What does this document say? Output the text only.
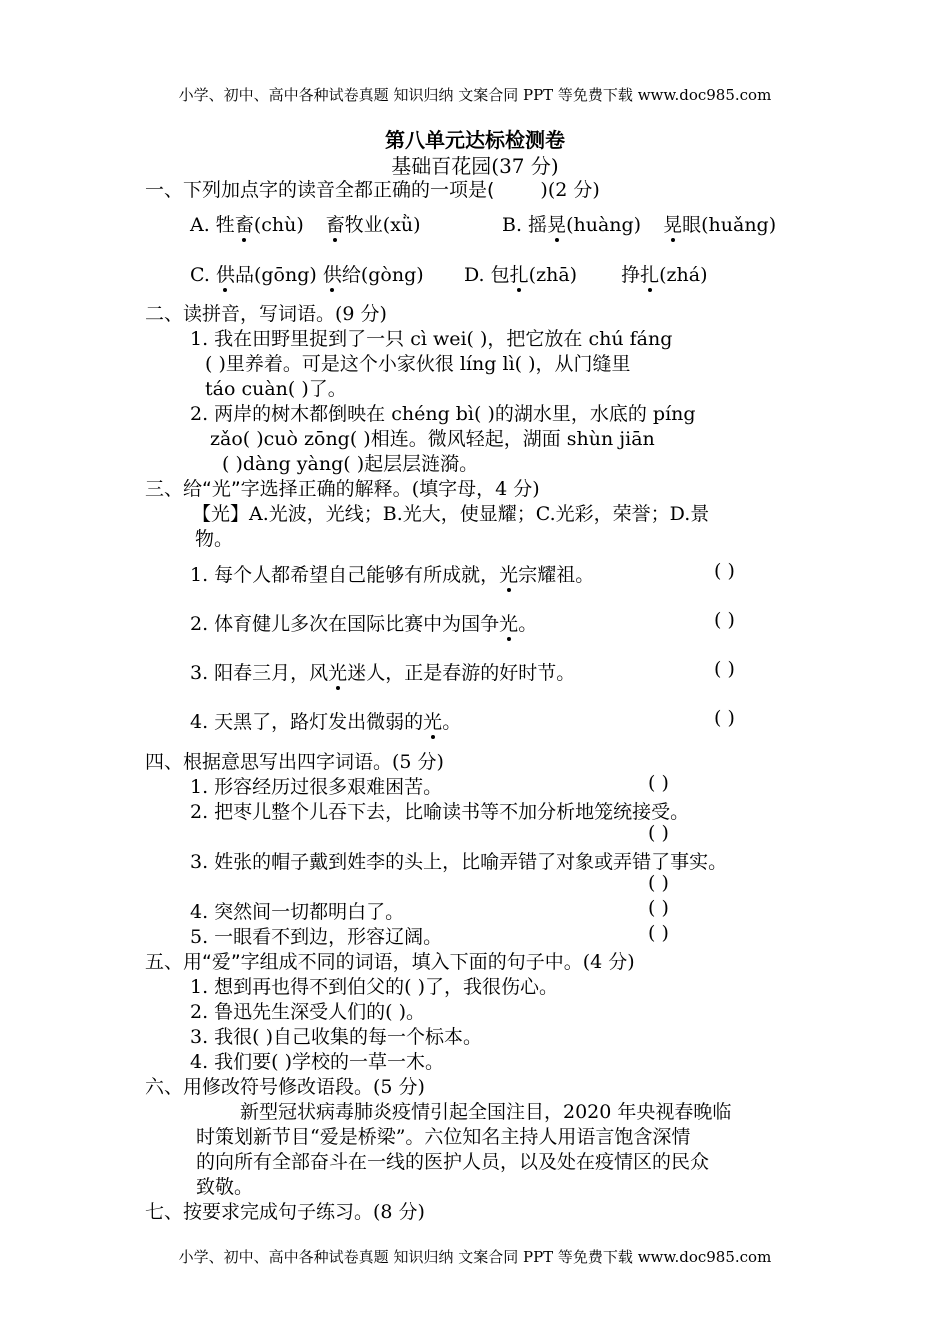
小学、初中、高中各种试卷真题 知识归纳 文案合同 PPT 等免费下载 www.doc985.com
第八单元达标检测卷
基础百花园(37 分)
一、下列加点字的读音全都正确的一项是( )(2 分)
A. 牲畜(chù) 畜牧业(xǜ)	B. 摇晃(huàng) 晃眼(huǎng)
C. 供品(gōng) 供给(gòng) D. 包扎(zhā) 挣扎(zhá)
二、读拼音，写词语。(9 分)
1. 我在田野里捉到了一只 cì wei( )，把它放在 chú fáng
( )里养着。可是这个小家伙很 líng lì( )，从门缝里
táo cuàn( )了。
2. 两岸的树木都倒映在 chéng bì( )的湖水里，水底的 píng
zǎo( )cuò zōng( )相连。微风轻起，湖面 shùn jiān
( )dàng yàng( )起层层涟漪。
三、给“光”字选择正确的解释。(填字母，4 分)
【光】A.光波，光线；B.光大，使显耀；C.光彩，荣誉；D.景
物。
1. 每个人都希望自己能够有所成就，光宗耀祖。	( )
2. 体育健儿多次在国际比赛中为国争光。	( )
3. 阳春三月，风光迷人，正是春游的好时节。	( )
4. 天黑了，路灯发出微弱的光。	( )
四、根据意思写出四字词语。(5 分)
1. 形容经历过很多艰难困苦。	( )
2. 把枣儿整个儿吞下去，比喻读书等不加分析地笼统接受。
( )
3. 姓张的帽子戴到姓李的头上，比喻弄错了对象或弄错了事实。
( )
4. 突然间一切都明白了。	( )
5. 一眼看不到边，形容辽阔。	( )
五、用“爱”字组成不同的词语，填入下面的句子中。(4 分)
1. 想到再也得不到伯父的( )了，我很伤心。
2. 鲁迅先生深受人们的( )。
3. 我很( )自己收集的每一个标本。
4. 我们要( )学校的一草一木。
六、用修改符号修改语段。(5 分)
新型冠状病毒肺炎疫情引起全国注目，2020 年央视春晚临
时策划新节目“爱是桥梁”。六位知名主持人用语言饱含深情
的向所有全部奋斗在一线的医护人员，以及处在疫情区的民众
致敬。
七、按要求完成句子练习。(8 分)
小学、初中、高中各种试卷真题 知识归纳 文案合同 PPT 等免费下载 www.doc985.com
